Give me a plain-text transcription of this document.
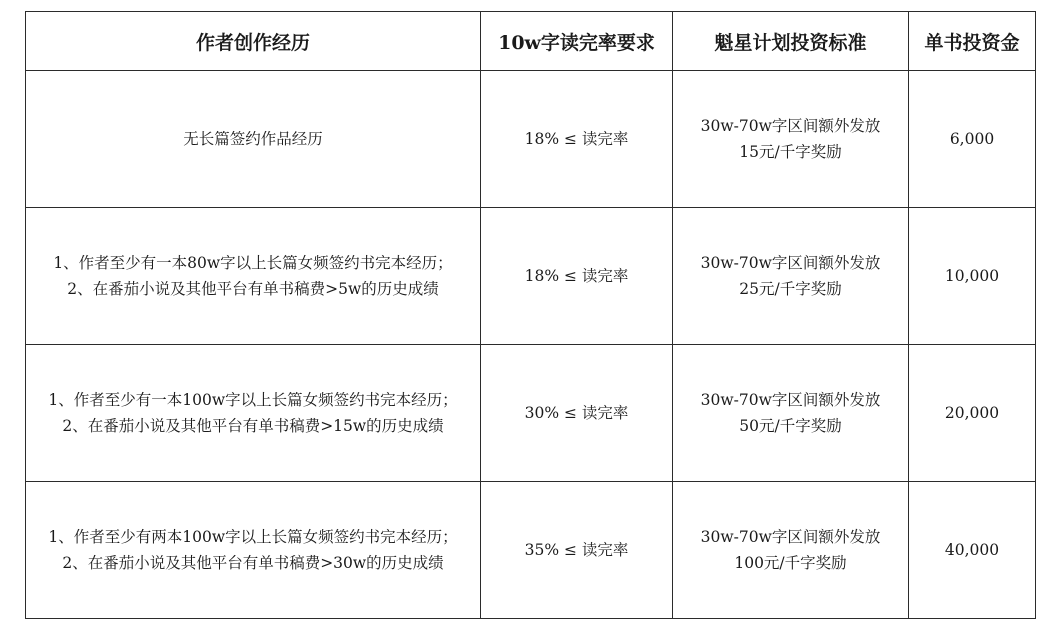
作者创作经历	10w字读完率要求	魁星计划投资标准	单书投资金

无长篇签约作品经历	18% ≤ 读完率	30w-70w字区间额外发放
15元/千字奖励	6,000

1、作者至少有一本80w字以上长篇女频签约书完本经历；
2、在番茄小说及其他平台有单书稿费>5w的历史成绩	18% ≤ 读完率	30w-70w字区间额外发放
25元/千字奖励	10,000

1、作者至少有一本100w字以上长篇女频签约书完本经历；
2、在番茄小说及其他平台有单书稿费>15w的历史成绩	30% ≤ 读完率	30w-70w字区间额外发放
50元/千字奖励	20,000

1、作者至少有两本100w字以上长篇女频签约书完本经历；
2、在番茄小说及其他平台有单书稿费>30w的历史成绩	35% ≤ 读完率	30w-70w字区间额外发放
100元/千字奖励	40,000
